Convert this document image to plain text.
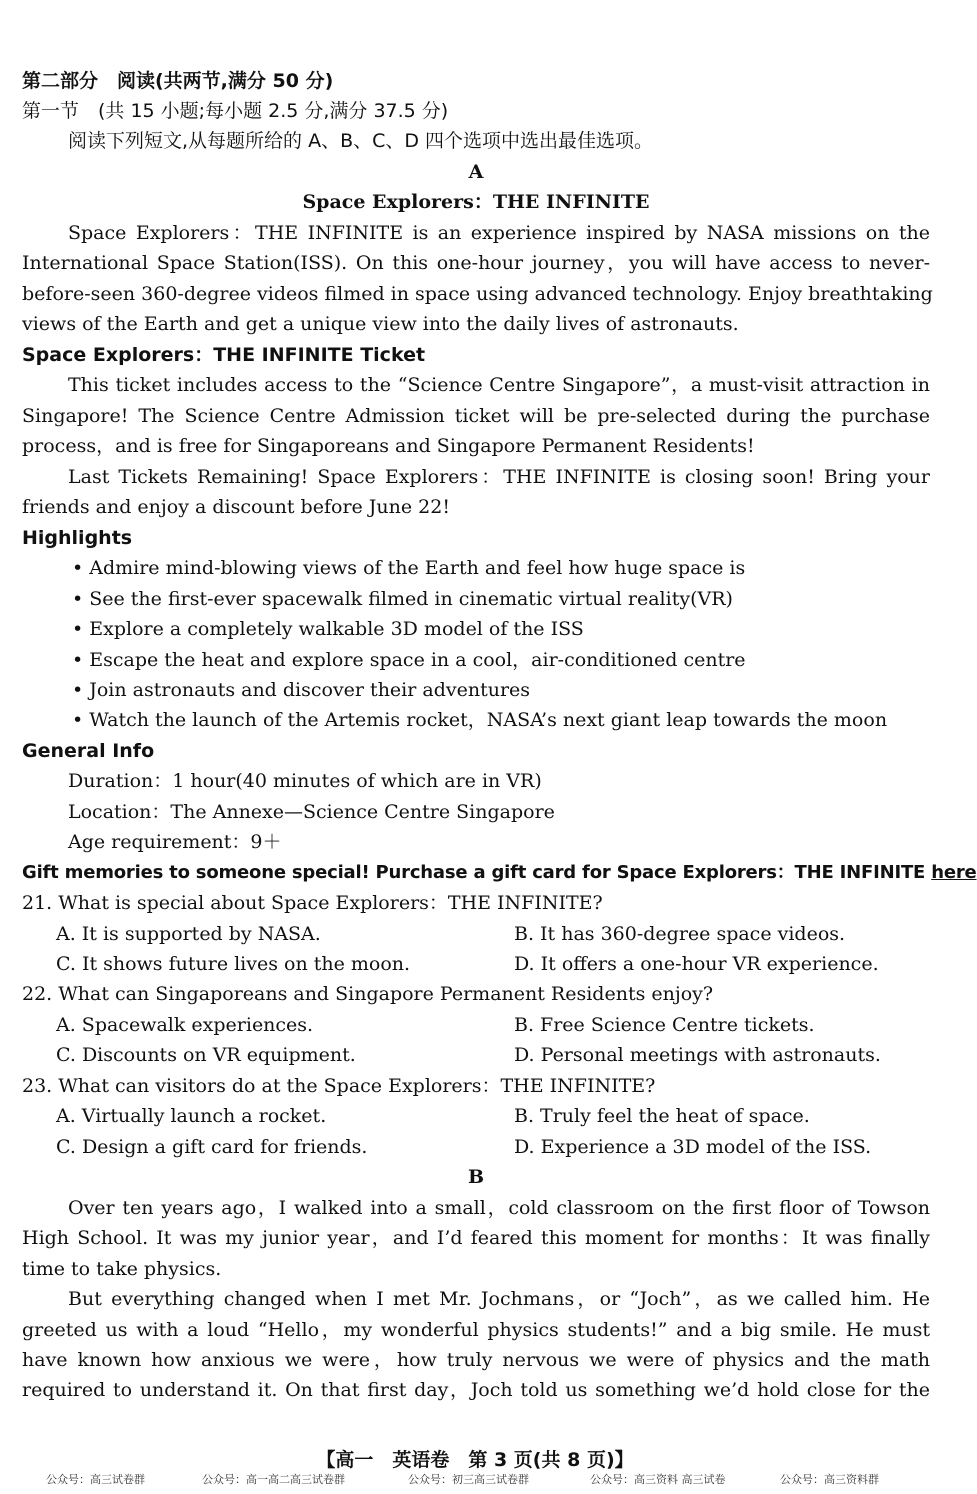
第二部分　阅读(共两节,满分 50 分)
第一节　(共 15 小题;每小题 2.5 分,满分 37.5 分)
阅读下列短文,从每题所给的 A、B、C、D 四个选项中选出最佳选项。
A
Space Explorers：THE INFINITE
Space Explorers：THE INFINITE is an experience inspired by NASA missions on the
International Space Station(ISS). On this one-hour journey，you will have access to never-
before-seen 360-degree videos filmed in space using advanced technology. Enjoy breathtaking
views of the Earth and get a unique view into the daily lives of astronauts.
Space Explorers：THE INFINITE Ticket
This ticket includes access to the “Science Centre Singapore”，a must-visit attraction in
Singapore! The Science Centre Admission ticket will be pre-selected during the purchase
process，and is free for Singaporeans and Singapore Permanent Residents!
Last Tickets Remaining! Space Explorers：THE INFINITE is closing soon! Bring your
friends and enjoy a discount before June 22!
Highlights
• Admire mind-blowing views of the Earth and feel how huge space is
• See the first-ever spacewalk filmed in cinematic virtual reality(VR)
• Explore a completely walkable 3D model of the ISS
• Escape the heat and explore space in a cool，air-conditioned centre
• Join astronauts and discover their adventures
• Watch the launch of the Artemis rocket，NASA’s next giant leap towards the moon
General Info
Duration：1 hour(40 minutes of which are in VR)
Location：The Annexe—Science Centre Singapore
Age requirement：9＋
Gift memories to someone special! Purchase a gift card for Space Explorers：THE INFINITE here
21. What is special about Space Explorers：THE INFINITE?
A. It is supported by NASA.	B. It has 360-degree space videos.
C. It shows future lives on the moon.	D. It offers a one-hour VR experience.
22. What can Singaporeans and Singapore Permanent Residents enjoy?
A. Spacewalk experiences.	B. Free Science Centre tickets.
C. Discounts on VR equipment.	D. Personal meetings with astronauts.
23. What can visitors do at the Space Explorers：THE INFINITE?
A. Virtually launch a rocket.	B. Truly feel the heat of space.
C. Design a gift card for friends.	D. Experience a 3D model of the ISS.
B
Over ten years ago，I walked into a small，cold classroom on the first floor of Towson
High School. It was my junior year，and I’d feared this moment for months：It was finally
time to take physics.
But everything changed when I met Mr. Jochmans，or “Joch”，as we called him. He
greeted us with a loud “Hello，my wonderful physics students!” and a big smile. He must
have known how anxious we were，how truly nervous we were of physics and the math
required to understand it. On that first day，Joch told us something we’d hold close for the
【高一　英语卷　第 3 页(共 8 页)】
公众号：高三试卷群	公众号：高一高二高三试卷群	公众号：初三高三试卷群	公众号：高三资料 高三试卷	公众号：高三资料群
